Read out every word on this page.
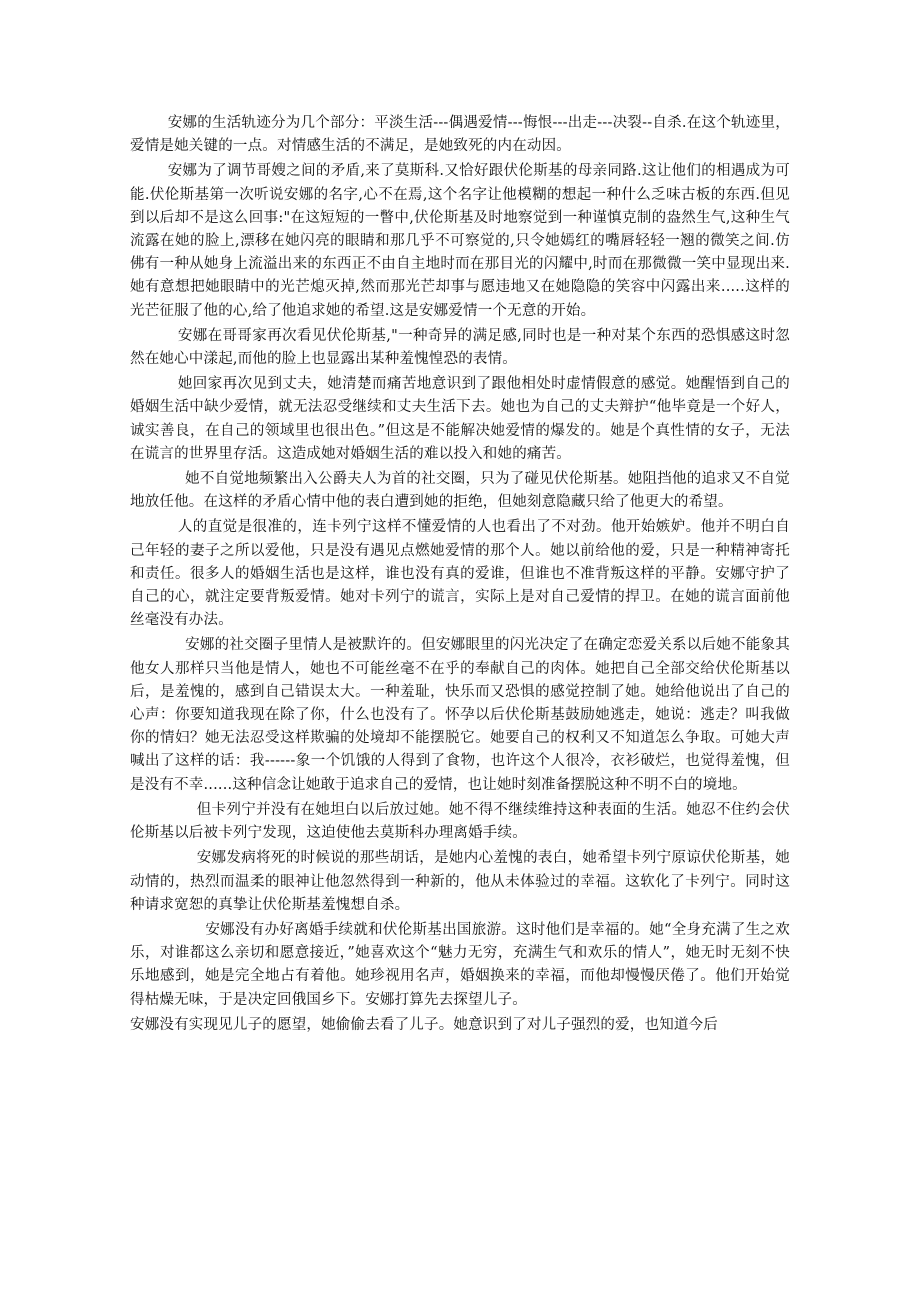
安娜的生活轨迹分为几个部分：平淡生活---偶遇爱情---悔恨---出走---决裂--自杀.在这个轨迹里，爱情是她关键的一点。对情感生活的不满足，是她致死的内在动因。

安娜为了调节哥嫂之间的矛盾,来了莫斯科.又恰好跟伏伦斯基的母亲同路.这让他们的相遇成为可能.伏伦斯基第一次听说安娜的名字,心不在焉,这个名字让他模糊的想起一种什么乏味古板的东西.但见到以后却不是这么回事:"在这短短的一瞥中,伏伦斯基及时地察觉到一种谨慎克制的盎然生气,这种生气流露在她的脸上,漂移在她闪亮的眼睛和那几乎不可察觉的,只令她嫣红的嘴唇轻轻一翘的微笑之间.仿佛有一种从她身上流溢出来的东西正不由自主地时而在那目光的闪耀中,时而在那微微一笑中显现出来.她有意想把她眼睛中的光芒熄灭掉,然而那光芒却事与愿违地又在她隐隐的笑容中闪露出来.....这样的光芒征服了他的心,给了他追求她的希望.这是安娜爱情一个无意的开始。

安娜在哥哥家再次看见伏伦斯基,"一种奇异的满足感,同时也是一种对某个东西的恐惧感这时忽然在她心中漾起,而他的脸上也显露出某种羞愧惶恐的表情。

她回家再次见到丈夫，她清楚而痛苦地意识到了跟他相处时虚情假意的感觉。她醒悟到自己的婚姻生活中缺少爱情，就无法忍受继续和丈夫生活下去。她也为自己的丈夫辩护“他毕竟是一个好人，诚实善良，在自己的领域里也很出色。”但这是不能解决她爱情的爆发的。她是个真性情的女子，无法在谎言的世界里存活。这造成她对婚姻生活的难以投入和她的痛苦。

她不自觉地频繁出入公爵夫人为首的社交圈，只为了碰见伏伦斯基。她阻挡他的追求又不自觉地放任他。在这样的矛盾心情中他的表白遭到她的拒绝，但她刻意隐藏只给了他更大的希望。

人的直觉是很准的，连卡列宁这样不懂爱情的人也看出了不对劲。他开始嫉妒。他并不明白自己年轻的妻子之所以爱他，只是没有遇见点燃她爱情的那个人。她以前给他的爱，只是一种精神寄托和责任。很多人的婚姻生活也是这样，谁也没有真的爱谁，但谁也不准背叛这样的平静。安娜守护了自己的心，就注定要背叛爱情。她对卡列宁的谎言，实际上是对自己爱情的捍卫。在她的谎言面前他丝毫没有办法。

安娜的社交圈子里情人是被默许的。但安娜眼里的闪光决定了在确定恋爱关系以后她不能象其他女人那样只当他是情人，她也不可能丝毫不在乎的奉献自己的肉体。她把自己全部交给伏伦斯基以后，是羞愧的，感到自己错误太大。一种羞耻，快乐而又恐惧的感觉控制了她。她给他说出了自己的心声：你要知道我现在除了你，什么也没有了。怀孕以后伏伦斯基鼓励她逃走，她说：逃走？叫我做你的情妇？她无法忍受这样欺骗的处境却不能摆脱它。她要自己的权利又不知道怎么争取。可她大声喊出了这样的话：我------象一个饥饿的人得到了食物，也许这个人很冷，衣衫破烂，也觉得羞愧，但是没有不幸......这种信念让她敢于追求自己的爱情，也让她时刻准备摆脱这种不明不白的境地。

但卡列宁并没有在她坦白以后放过她。她不得不继续维持这种表面的生活。她忍不住约会伏伦斯基以后被卡列宁发现，这迫使他去莫斯科办理离婚手续。

安娜发病将死的时候说的那些胡话，是她内心羞愧的表白，她希望卡列宁原谅伏伦斯基，她动情的，热烈而温柔的眼神让他忽然得到一种新的，他从未体验过的幸福。这软化了卡列宁。同时这种请求宽恕的真挚让伏伦斯基羞愧想自杀。

安娜没有办好离婚手续就和伏伦斯基出国旅游。这时他们是幸福的。她“全身充满了生之欢乐，对谁都这么亲切和愿意接近，”她喜欢这个“魅力无穷，充满生气和欢乐的情人”，她无时无刻不快乐地感到，她是完全地占有着他。她珍视用名声，婚姻换来的幸福，而他却慢慢厌倦了。他们开始觉得枯燥无味，于是决定回俄国乡下。安娜打算先去探望儿子。

安娜没有实现见儿子的愿望，她偷偷去看了儿子。她意识到了对儿子强烈的爱，也知道今后
